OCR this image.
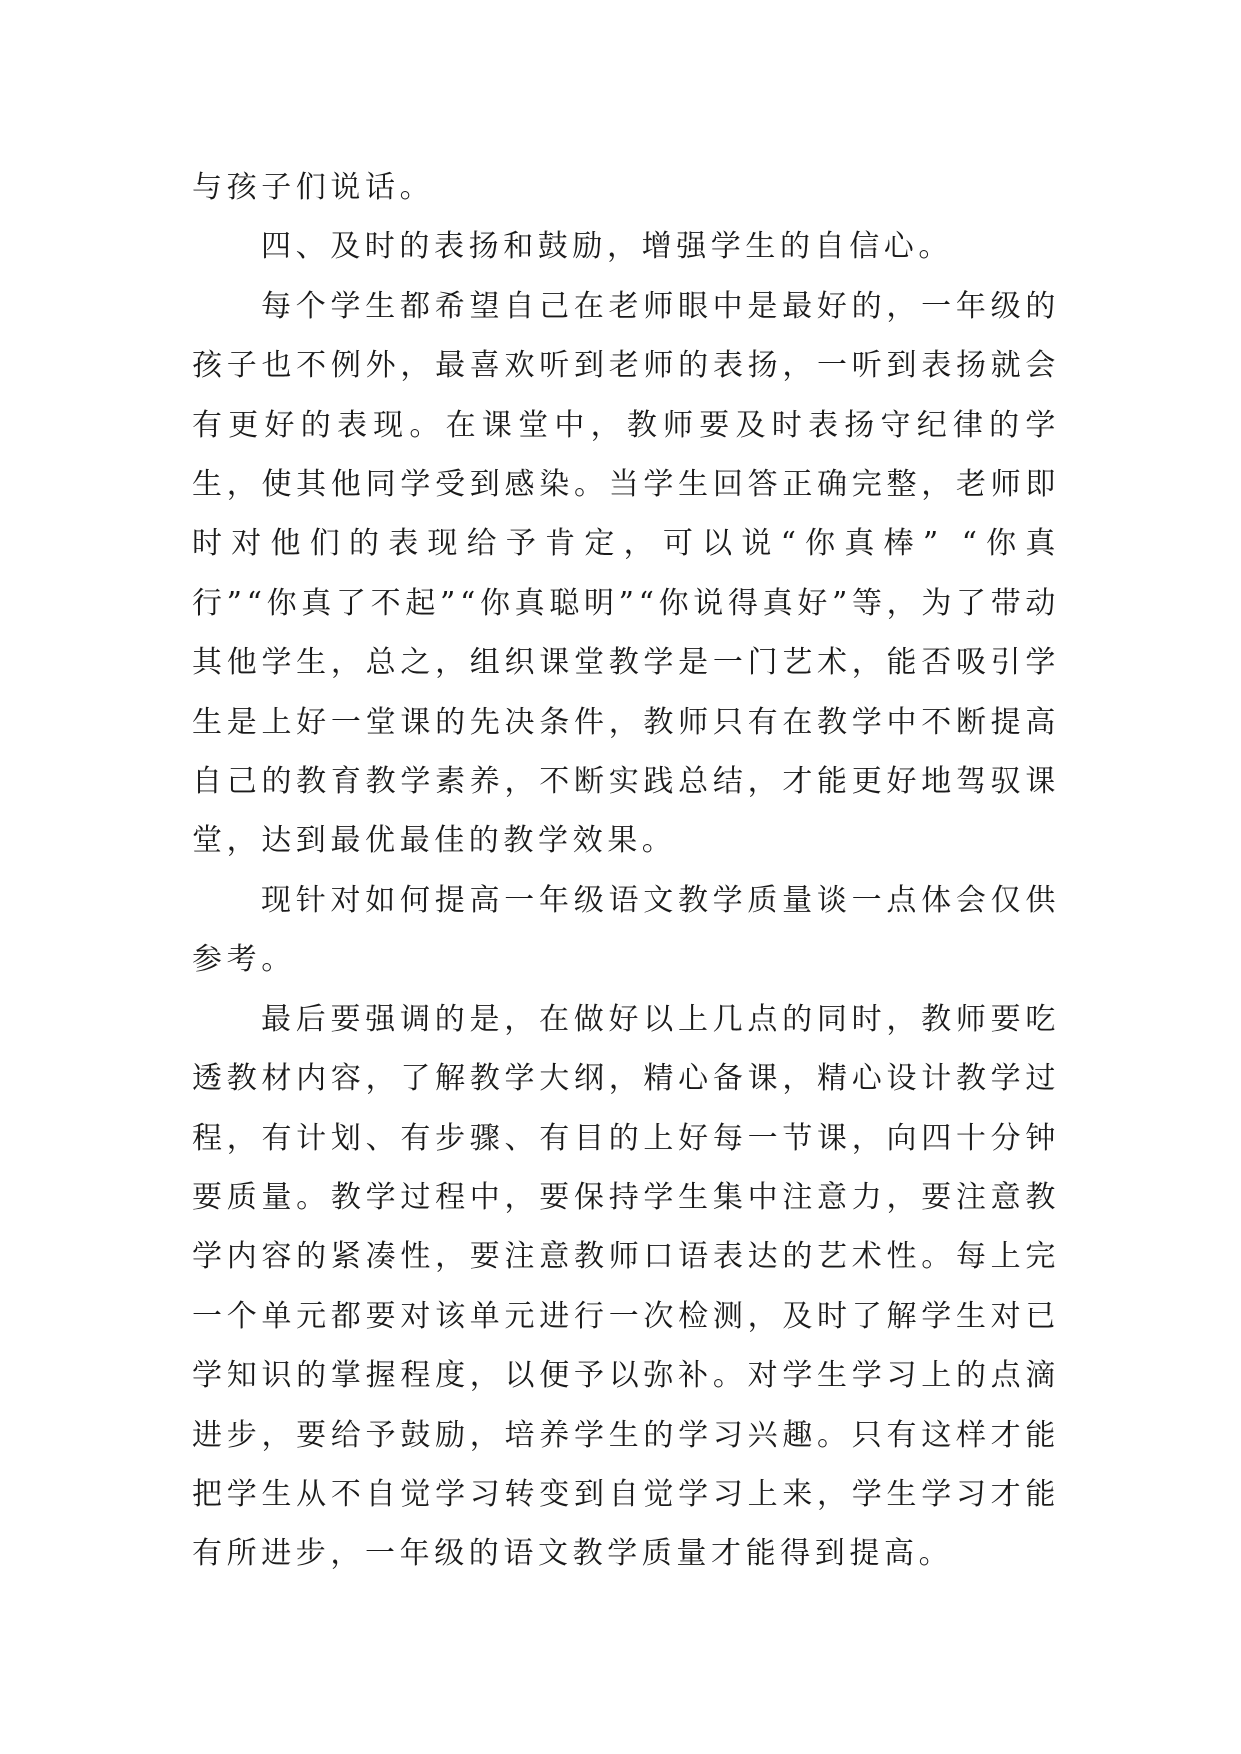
与孩子们说话。

四、及时的表扬和鼓励，增强学生的自信心。

每个学生都希望自己在老师眼中是最好的，一年级的孩子也不例外，最喜欢听到老师的表扬，一听到表扬就会有更好的表现。在课堂中，教师要及时表扬守纪律的学生，使其他同学受到感染。当学生回答正确完整，老师即时对他们的表现给予肯定，可以说“你真棒” “你真行”“你真了不起”“你真聪明”“你说得真好”等，为了带动其他学生，总之，组织课堂教学是一门艺术，能否吸引学生是上好一堂课的先决条件，教师只有在教学中不断提高自己的教育教学素养，不断实践总结，才能更好地驾驭课堂，达到最优最佳的教学效果。

现针对如何提高一年级语文教学质量谈一点体会仅供参考。

最后要强调的是，在做好以上几点的同时，教师要吃透教材内容，了解教学大纲，精心备课，精心设计教学过程，有计划、有步骤、有目的上好每一节课，向四十分钟要质量。教学过程中，要保持学生集中注意力，要注意教学内容的紧凑性，要注意教师口语表达的艺术性。每上完一个单元都要对该单元进行一次检测，及时了解学生对已学知识的掌握程度，以便予以弥补。对学生学习上的点滴进步，要给予鼓励，培养学生的学习兴趣。只有这样才能把学生从不自觉学习转变到自觉学习上来，学生学习才能有所进步，一年级的语文教学质量才能得到提高。
